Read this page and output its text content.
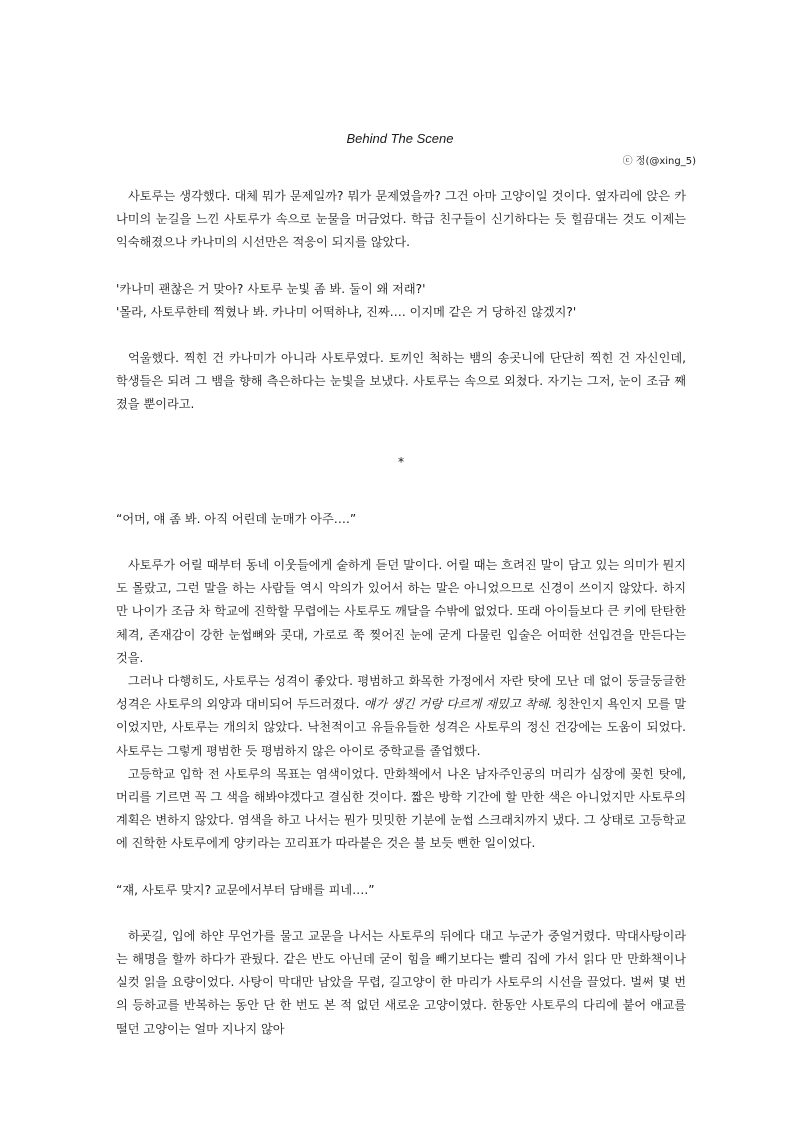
Behind The Scene
ⓒ 정(@xing_5)

사토루는 생각했다. 대체 뭐가 문제일까? 뭐가 문제였을까? 그건 아마 고양이일 것이다. 옆자리에 앉은 카나미의 눈길을 느낀 사토루가 속으로 눈물을 머금었다. 학급 친구들이 신기하다는 듯 힐끔대는 것도 이제는 익숙해졌으나 카나미의 시선만은 적응이 되지를 않았다.

'카나미 괜찮은 거 맞아? 사토루 눈빛 좀 봐. 둘이 왜 저래?'

'몰라, 사토루한테 찍혔나 봐. 카나미 어떡하냐, 진짜…. 이지메 같은 거 당하진 않겠지?'

억울했다. 찍힌 건 카나미가 아니라 사토루였다. 토끼인 척하는 뱀의 송곳니에 단단히 찍힌 건 자신인데, 학생들은 되려 그 뱀을 향해 측은하다는 눈빛을 보냈다. 사토루는 속으로 외쳤다. 자기는 그저, 눈이 조금 째졌을 뿐이라고.

*

“어머, 얘 좀 봐. 아직 어린데 눈매가 아주….”

사토루가 어릴 때부터 동네 이웃들에게 숱하게 듣던 말이다. 어릴 때는 흐려진 말이 담고 있는 의미가 뭔지도 몰랐고, 그런 말을 하는 사람들 역시 악의가 있어서 하는 말은 아니었으므로 신경이 쓰이지 않았다. 하지만 나이가 조금 차 학교에 진학할 무렵에는 사토루도 깨달을 수밖에 없었다. 또래 아이들보다 큰 키에 탄탄한 체격, 존재감이 강한 눈썹뼈와 콧대, 가로로 쭉 찢어진 눈에 굳게 다물린 입술은 어떠한 선입견을 만든다는 것을.

그러나 다행히도, 사토루는 성격이 좋았다. 평범하고 화목한 가정에서 자란 탓에 모난 데 없이 둥글둥글한 성격은 사토루의 외양과 대비되어 두드러졌다. 얘가 생긴 거랑 다르게 재밌고 착해. 칭찬인지 욕인지 모를 말이었지만, 사토루는 개의치 않았다. 낙천적이고 유들유들한 성격은 사토루의 정신 건강에는 도움이 되었다. 사토루는 그렇게 평범한 듯 평범하지 않은 아이로 중학교를 졸업했다.

고등학교 입학 전 사토루의 목표는 염색이었다. 만화책에서 나온 남자주인공의 머리가 심장에 꽂힌 탓에, 머리를 기르면 꼭 그 색을 해봐야겠다고 결심한 것이다. 짧은 방학 기간에 할 만한 색은 아니었지만 사토루의 계획은 변하지 않았다. 염색을 하고 나서는 뭔가 밋밋한 기분에 눈썹 스크래치까지 냈다. 그 상태로 고등학교에 진학한 사토루에게 양키라는 꼬리표가 따라붙은 것은 불 보듯 뻔한 일이었다.

“쟤, 사토루 맞지? 교문에서부터 담배를 피네….”

하굣길, 입에 하얀 무언가를 물고 교문을 나서는 사토루의 뒤에다 대고 누군가 중얼거렸다. 막대사탕이라는 해명을 할까 하다가 관뒀다. 같은 반도 아닌데 굳이 힘을 빼기보다는 빨리 집에 가서 읽다 만 만화책이나 실컷 읽을 요량이었다. 사탕이 막대만 남았을 무렵, 길고양이 한 마리가 사토루의 시선을 끌었다. 벌써 몇 번의 등하교를 반복하는 동안 단 한 번도 본 적 없던 새로운 고양이였다. 한동안 사토루의 다리에 붙어 애교를 떨던 고양이는 얼마 지나지 않아
